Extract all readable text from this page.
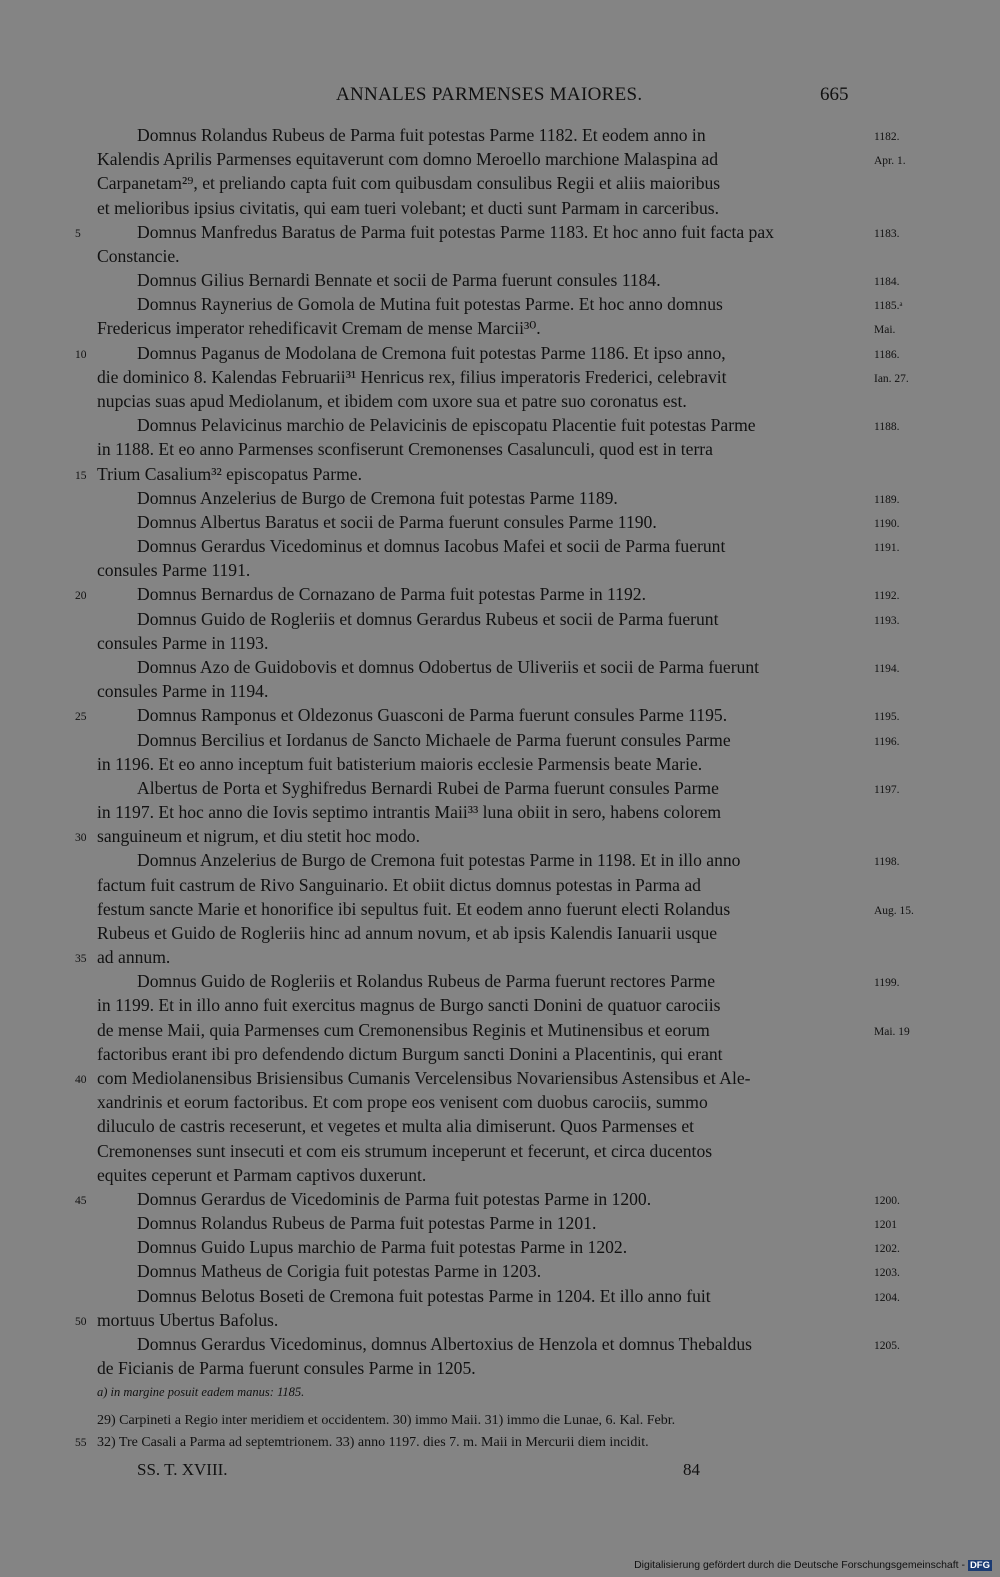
ANNALES PARMENSES MAIORES.	665
Domnus Rolandus Rubeus de Parma fuit potestas Parme 1182. Et eodem anno in	1182.
Kalendis Aprilis Parmenses equitaverunt com domno Meroello marchione Malaspina ad	Apr. 1.
Carpanetam²⁹, et preliando capta fuit com quibusdam consulibus Regii et aliis maioribus
et melioribus ipsius civitatis, qui eam tueri volebant; et ducti sunt Parmam in carceribus.
Domnus Manfredus Baratus de Parma fuit potestas Parme 1183. Et hoc anno fuit facta pax	1183.
5
Constancie.
Domnus Gilius Bernardi Bennate et socii de Parma fuerunt consules 1184.	1184.
Domnus Raynerius de Gomola de Mutina fuit potestas Parme. Et hoc anno domnus	1185.ᵃ
Fredericus imperator rehedificavit Cremam de mense Marcii³⁰.	Mai.
Domnus Paganus de Modolana de Cremona fuit potestas Parme 1186. Et ipso anno,	1186.
10
die dominico 8. Kalendas Februarii³¹ Henricus rex, filius imperatoris Frederici, celebravit	Ian. 27.
nupcias suas apud Mediolanum, et ibidem com uxore sua et patre suo coronatus est.
Domnus Pelavicinus marchio de Pelavicinis de episcopatu Placentie fuit potestas Parme	1188.
in 1188. Et eo anno Parmenses sconfiserunt Cremonenses Casalunculi, quod est in terra
Trium Casalium³² episcopatus Parme.
15
Domnus Anzelerius de Burgo de Cremona fuit potestas Parme 1189.	1189.
Domnus Albertus Baratus et socii de Parma fuerunt consules Parme 1190.	1190.
Domnus Gerardus Vicedominus et domnus Iacobus Mafei et socii de Parma fuerunt	1191.
consules Parme 1191.
Domnus Bernardus de Cornazano de Parma fuit potestas Parme in 1192.	1192.
20
Domnus Guido de Rogleriis et domnus Gerardus Rubeus et socii de Parma fuerunt	1193.
consules Parme in 1193.
Domnus Azo de Guidobovis et domnus Odobertus de Uliveriis et socii de Parma fuerunt	1194.
consules Parme in 1194.
Domnus Ramponus et Oldezonus Guasconi de Parma fuerunt consules Parme 1195.	1195.
25
Domnus Bercilius et Iordanus de Sancto Michaele de Parma fuerunt consules Parme	1196.
in 1196. Et eo anno inceptum fuit batisterium maioris ecclesie Parmensis beate Marie.
Albertus de Porta et Syghifredus Bernardi Rubei de Parma fuerunt consules Parme	1197.
in 1197. Et hoc anno die Iovis septimo intrantis Maii³³ luna obiit in sero, habens colorem
sanguineum et nigrum, et diu stetit hoc modo.
30
Domnus Anzelerius de Burgo de Cremona fuit potestas Parme in 1198. Et in illo anno	1198.
factum fuit castrum de Rivo Sanguinario. Et obiit dictus domnus potestas in Parma ad
festum sancte Marie et honorifice ibi sepultus fuit. Et eodem anno fuerunt electi Rolandus	Aug. 15.
Rubeus et Guido de Rogleriis hinc ad annum novum, et ab ipsis Kalendis Ianuarii usque
ad annum.
35
Domnus Guido de Rogleriis et Rolandus Rubeus de Parma fuerunt rectores Parme	1199.
in 1199. Et in illo anno fuit exercitus magnus de Burgo sancti Donini de quatuor carociis
de mense Maii, quia Parmenses cum Cremonensibus Reginis et Mutinensibus et eorum	Mai. 19
factoribus erant ibi pro defendendo dictum Burgum sancti Donini a Placentinis, qui erant
com Mediolanensibus Brisiensibus Cumanis Vercelensibus Novariensibus Astensibus et Ale-
40
xandrinis et eorum factoribus. Et com prope eos venisent com duobus carociis, summo
diluculo de castris receserunt, et vegetes et multa alia dimiserunt. Quos Parmenses et
Cremonenses sunt insecuti et com eis strumum inceperunt et fecerunt, et circa ducentos
equites ceperunt et Parmam captivos duxerunt.
Domnus Gerardus de Vicedominis de Parma fuit potestas Parme in 1200.	1200.
45
Domnus Rolandus Rubeus de Parma fuit potestas Parme in 1201.	1201
Domnus Guido Lupus marchio de Parma fuit potestas Parme in 1202.	1202.
Domnus Matheus de Corigia fuit potestas Parme in 1203.	1203.
Domnus Belotus Boseti de Cremona fuit potestas Parme in 1204. Et illo anno fuit	1204.
mortuus Ubertus Bafolus.
50
Domnus Gerardus Vicedominus, domnus Albertoxius de Henzola et domnus Thebaldus	1205.
de Ficianis de Parma fuerunt consules Parme in 1205.
a) in margine posuit eadem manus: 1185.
29) Carpineti a Regio inter meridiem et occidentem. 30) immo Maii. 31) immo die Lunae, 6. Kal. Febr.
55 32) Tre Casali a Parma ad septemtrionem. 33) anno 1197. dies 7. m. Maii in Mercurii diem incidit.
SS. T. XVIII.	84
Digitalisierung gefördert durch die Deutsche Forschungsgemeinschaft - DFG
